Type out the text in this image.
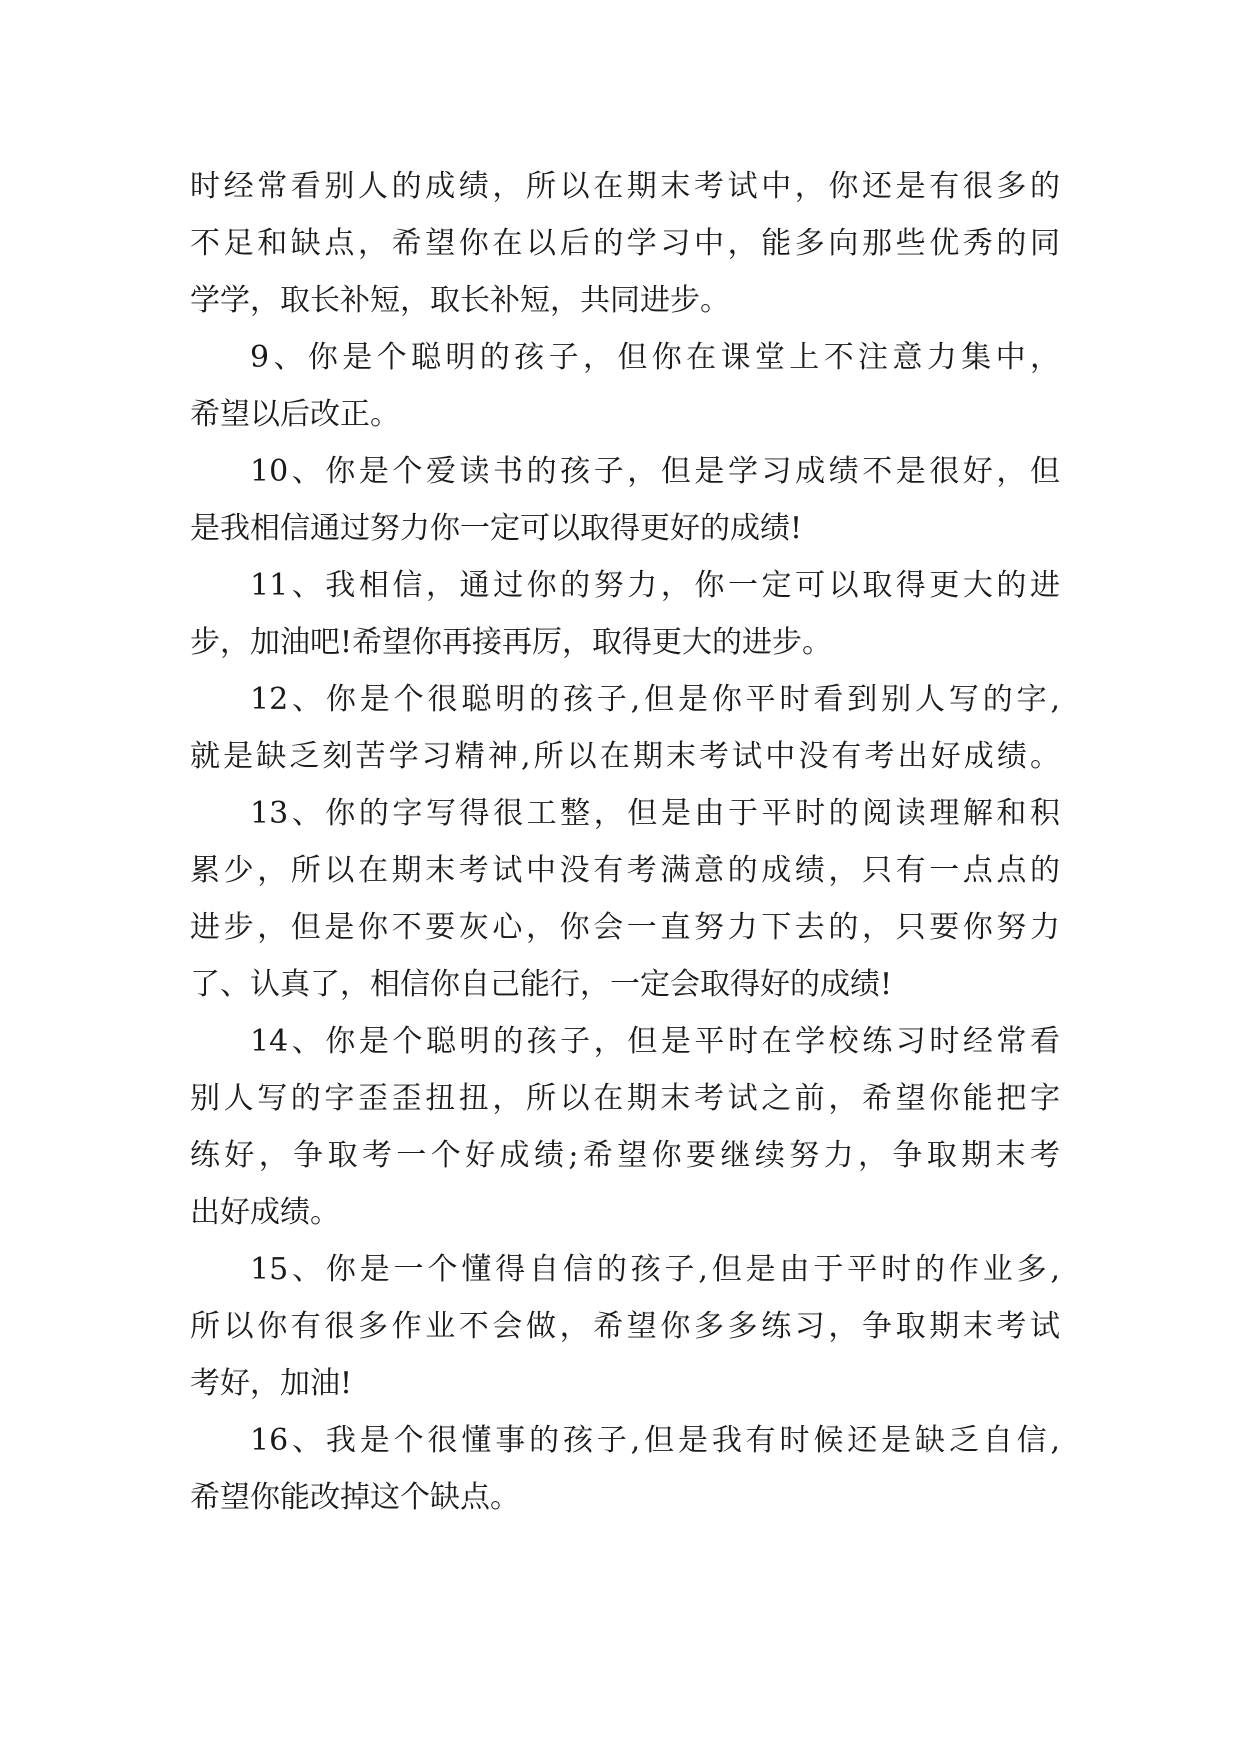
时经常看别人的成绩，所以在期末考试中，你还是有很多的
不足和缺点，希望你在以后的学习中，能多向那些优秀的同
学学，取长补短，取长补短，共同进步。
9、你是个聪明的孩子，但你在课堂上不注意力集中，
希望以后改正。
10、你是个爱读书的孩子，但是学习成绩不是很好，但
是我相信通过努力你一定可以取得更好的成绩!
11、我相信，通过你的努力，你一定可以取得更大的进
步，加油吧!希望你再接再厉，取得更大的进步。
12、你是个很聪明的孩子,但是你平时看到别人写的字,
就是缺乏刻苦学习精神,所以在期末考试中没有考出好成绩。
13、你的字写得很工整，但是由于平时的阅读理解和积
累少，所以在期末考试中没有考满意的成绩，只有一点点的
进步，但是你不要灰心，你会一直努力下去的，只要你努力
了、认真了，相信你自己能行，一定会取得好的成绩!
14、你是个聪明的孩子，但是平时在学校练习时经常看
别人写的字歪歪扭扭，所以在期末考试之前，希望你能把字
练好，争取考一个好成绩;希望你要继续努力，争取期末考
出好成绩。
15、你是一个懂得自信的孩子,但是由于平时的作业多,
所以你有很多作业不会做，希望你多多练习，争取期末考试
考好，加油!
16、我是个很懂事的孩子,但是我有时候还是缺乏自信,
希望你能改掉这个缺点。
